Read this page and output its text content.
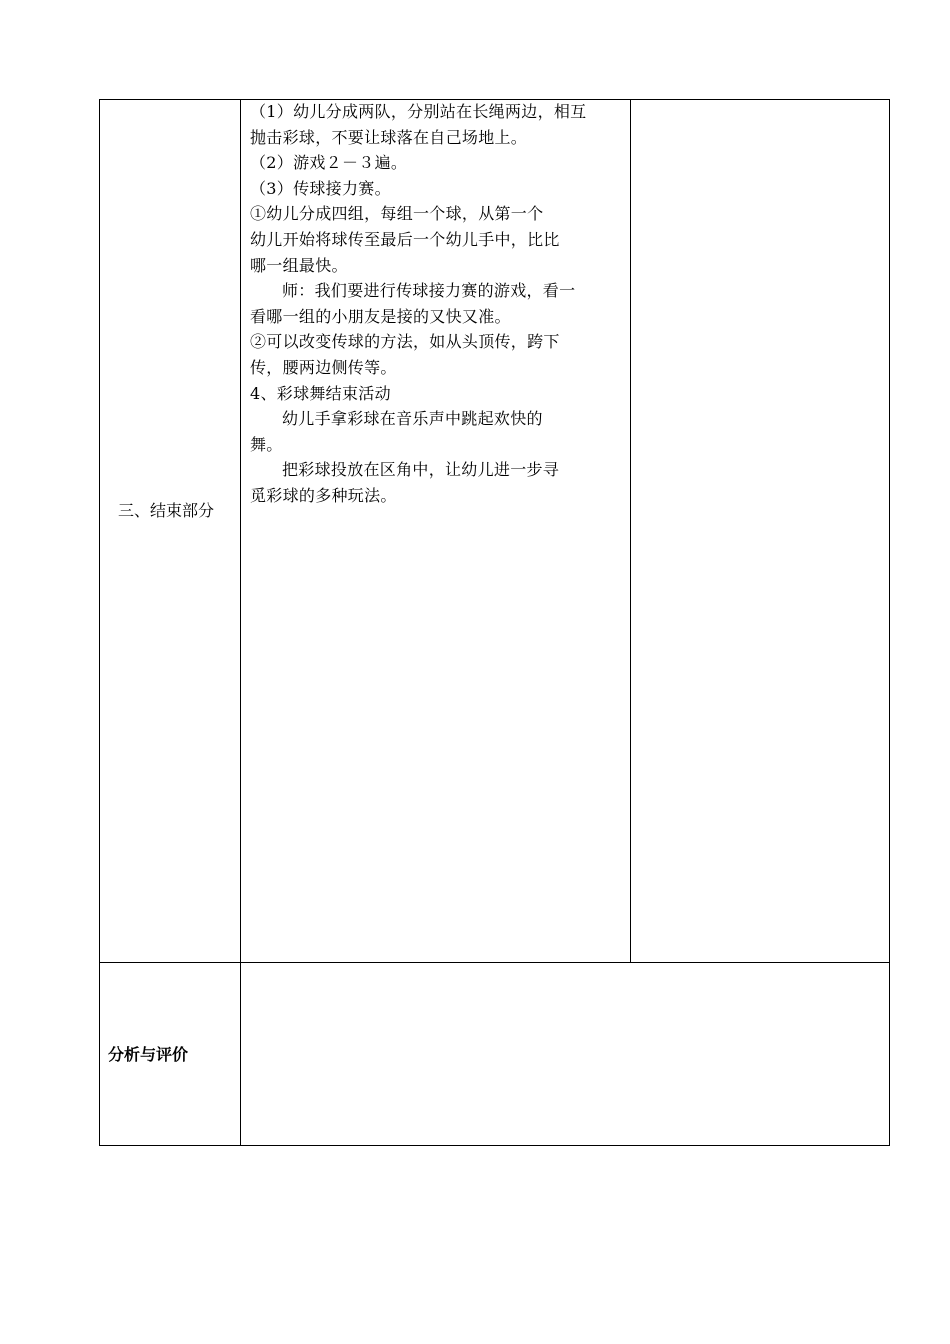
三、结束部分

（1）幼儿分成两队，分别站在长绳两边，相互

抛击彩球，不要让球落在自己场地上。

（2）游戏２－３遍。

（3）传球接力赛。

①幼儿分成四组，每组一个球，从第一个

幼儿开始将球传至最后一个幼儿手中，比比

哪一组最快。

师：我们要进行传球接力赛的游戏，看一

看哪一组的小朋友是接的又快又准。

②可以改变传球的方法，如从头顶传，跨下

传，腰两边侧传等。

4、彩球舞结束活动

幼儿手拿彩球在音乐声中跳起欢快的

舞。

把彩球投放在区角中，让幼儿进一步寻

觅彩球的多种玩法。

分析与评价
